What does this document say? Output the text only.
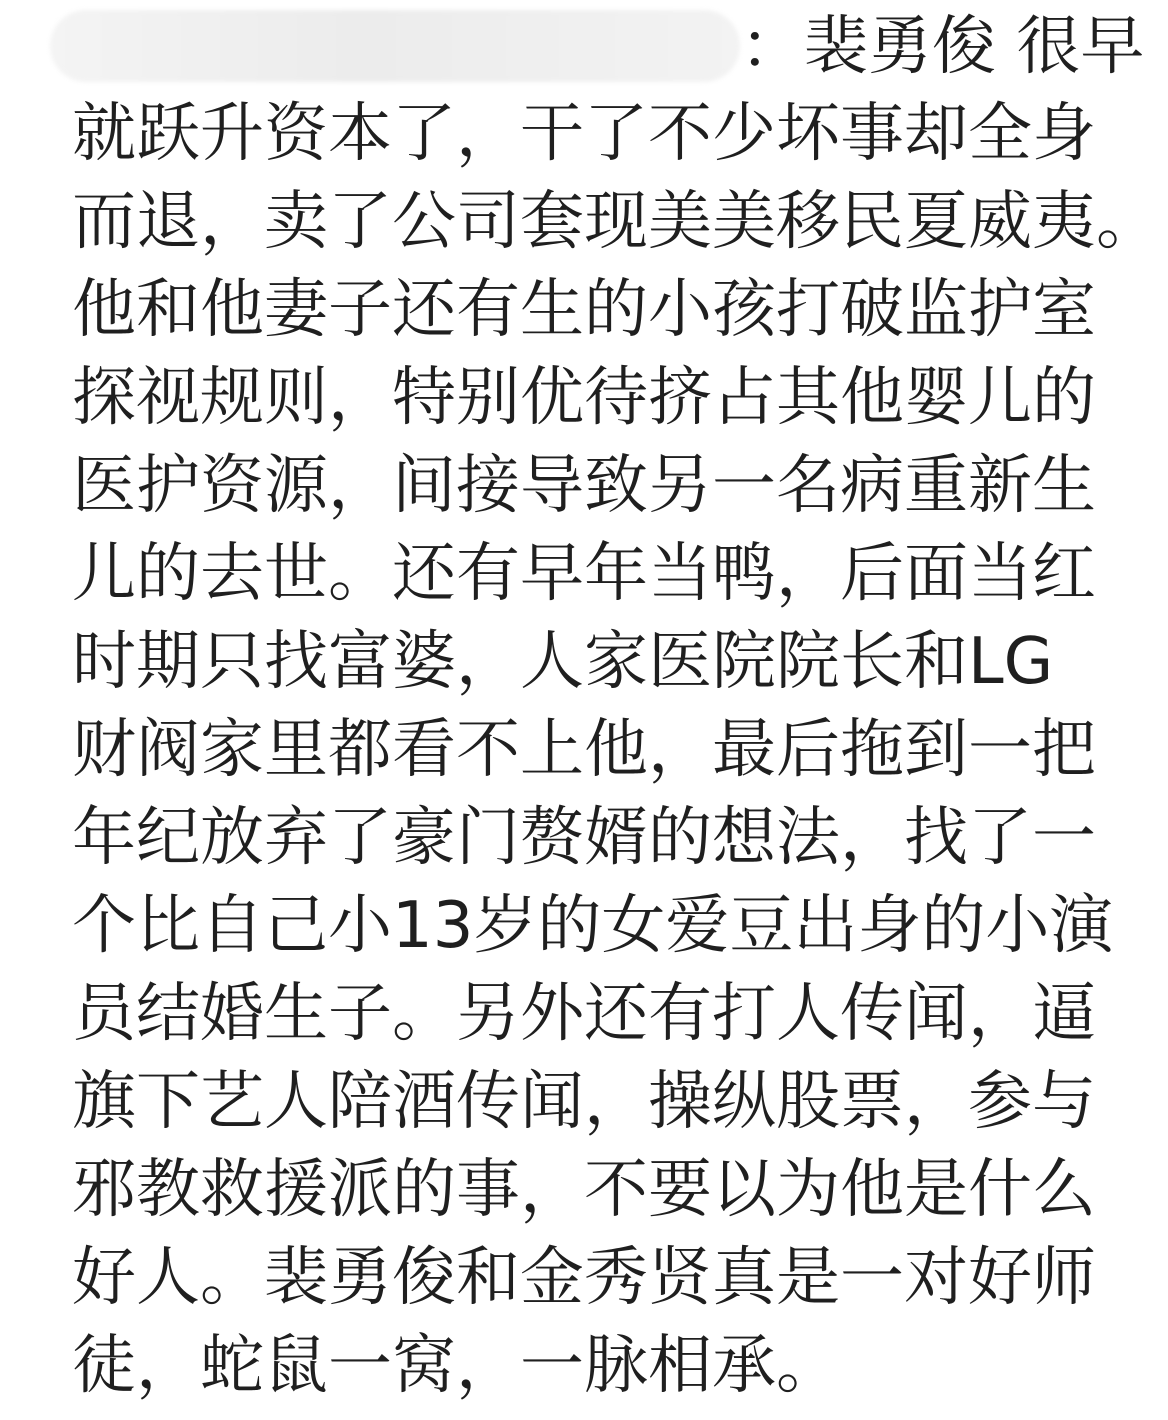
：裴勇俊 很早
就跃升资本了，干了不少坏事却全身
而退，卖了公司套现美美移民夏威夷。
他和他妻子还有生的小孩打破监护室
探视规则，特别优待挤占其他婴儿的
医护资源，间接导致另一名病重新生
儿的去世。还有早年当鸭，后面当红
时期只找富婆，人家医院院长和LG
财阀家里都看不上他，最后拖到一把
年纪放弃了豪门赘婿的想法，找了一
个比自己小13岁的女爱豆出身的小演
员结婚生子。另外还有打人传闻，逼
旗下艺人陪酒传闻，操纵股票，参与
邪教救援派的事，不要以为他是什么
好人。裴勇俊和金秀贤真是一对好师
徒，蛇鼠一窝，一脉相承。
